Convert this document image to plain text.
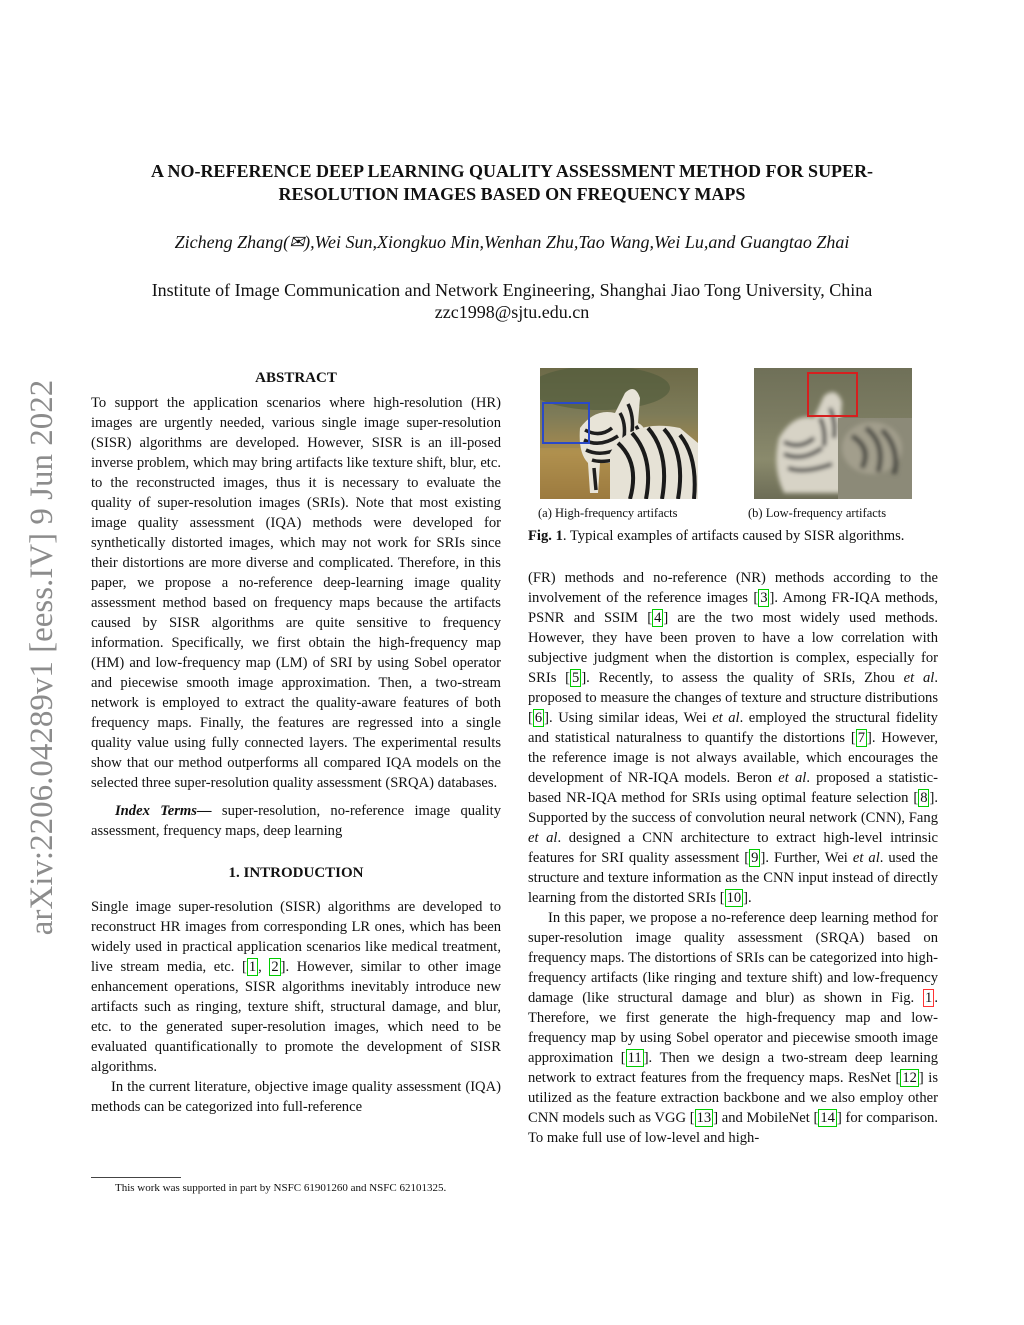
arXiv:2206.04289v1 [eess.IV] 9 Jun 2022
A NO-REFERENCE DEEP LEARNING QUALITY ASSESSMENT METHOD FOR SUPER-RESOLUTION IMAGES BASED ON FREQUENCY MAPS
Zicheng Zhang(✉),Wei Sun,Xiongkuo Min,Wenhan Zhu,Tao Wang,Wei Lu,and Guangtao Zhai
Institute of Image Communication and Network Engineering, Shanghai Jiao Tong University, China
zzc1998@sjtu.edu.cn
ABSTRACT

To support the application scenarios where high-resolution (HR) images are urgently needed, various single image super-resolution (SISR) algorithms are developed. However, SISR is an ill-posed inverse problem, which may bring artifacts like texture shift, blur, etc. to the reconstructed images, thus it is necessary to evaluate the quality of super-resolution images (SRIs). Note that most existing image quality assessment (IQA) methods were developed for synthetically distorted images, which may not work for SRIs since their distortions are more diverse and complicated. Therefore, in this paper, we propose a no-reference deep-learning image quality assessment method based on frequency maps because the artifacts caused by SISR algorithms are quite sensitive to frequency information. Specifically, we first obtain the high-frequency map (HM) and low-frequency map (LM) of SRI by using Sobel operator and piecewise smooth image approximation. Then, a two-stream network is employed to extract the quality-aware features of both frequency maps. Finally, the features are regressed into a single quality value using fully connected layers. The experimental results show that our method outperforms all compared IQA models on the selected three super-resolution quality assessment (SRQA) databases.

Index Terms— super-resolution, no-reference image quality assessment, frequency maps, deep learning

1. INTRODUCTION

Single image super-resolution (SISR) algorithms are developed to reconstruct HR images from corresponding LR ones, which has been widely used in practical application scenarios like medical treatment, live stream media, etc. [ 1 , 2 ]. However, similar to other image enhancement operations, SISR algorithms inevitably introduce new artifacts such as ringing, texture shift, structural damage, and blur, etc. to the generated super-resolution images, which need to be evaluated quantificationally to promote the development of SISR algorithms.

In the current literature, objective image quality assessment (IQA) methods can be categorized into full-reference

This work was supported in part by NSFC 61901260 and NSFC 62101325.
(a) High-frequency artifacts	(b) Low-frequency artifacts
Fig. 1. Typical examples of artifacts caused by SISR algorithms.

(FR) methods and no-reference (NR) methods according to the involvement of the reference images [ 3 ]. Among FR-IQA methods, PSNR and SSIM [ 4 ] are the two most widely used methods. However, they have been proven to have a low correlation with subjective judgment when the distortion is complex, especially for SRIs [ 5 ]. Recently, to assess the quality of SRIs, Zhou et al. proposed to measure the changes of texture and structure distributions [ 6 ]. Using similar ideas, Wei et al. employed the structural fidelity and statistical naturalness to quantify the distortions [ 7 ]. However, the reference image is not always available, which encourages the development of NR-IQA models. Beron et al. proposed a statistic-based NR-IQA method for SRIs using optimal feature selection [ 8 ]. Supported by the success of convolution neural network (CNN), Fang et al. designed a CNN architecture to extract high-level intrinsic features for SRI quality assessment [ 9 ]. Further, Wei et al. used the structure and texture information as the CNN input instead of directly learning from the distorted SRIs [ 10 ].

In this paper, we propose a no-reference deep learning method for super-resolution image quality assessment (SRQA) based on frequency maps. The distortions of SRIs can be categorized into high-frequency artifacts (like ringing and texture shift) and low-frequency damage (like structural damage and blur) as shown in Fig. 1 . Therefore, we first generate the high-frequency map and low-frequency map by using Sobel operator and piecewise smooth image approximation [ 11 ]. Then we design a two-stream deep learning network to extract features from the frequency maps. ResNet [ 12 ] is utilized as the feature extraction backbone and we also employ other CNN models such as VGG [ 13 ] and MobileNet [ 14 ] for comparison. To make full use of low-level and high-
